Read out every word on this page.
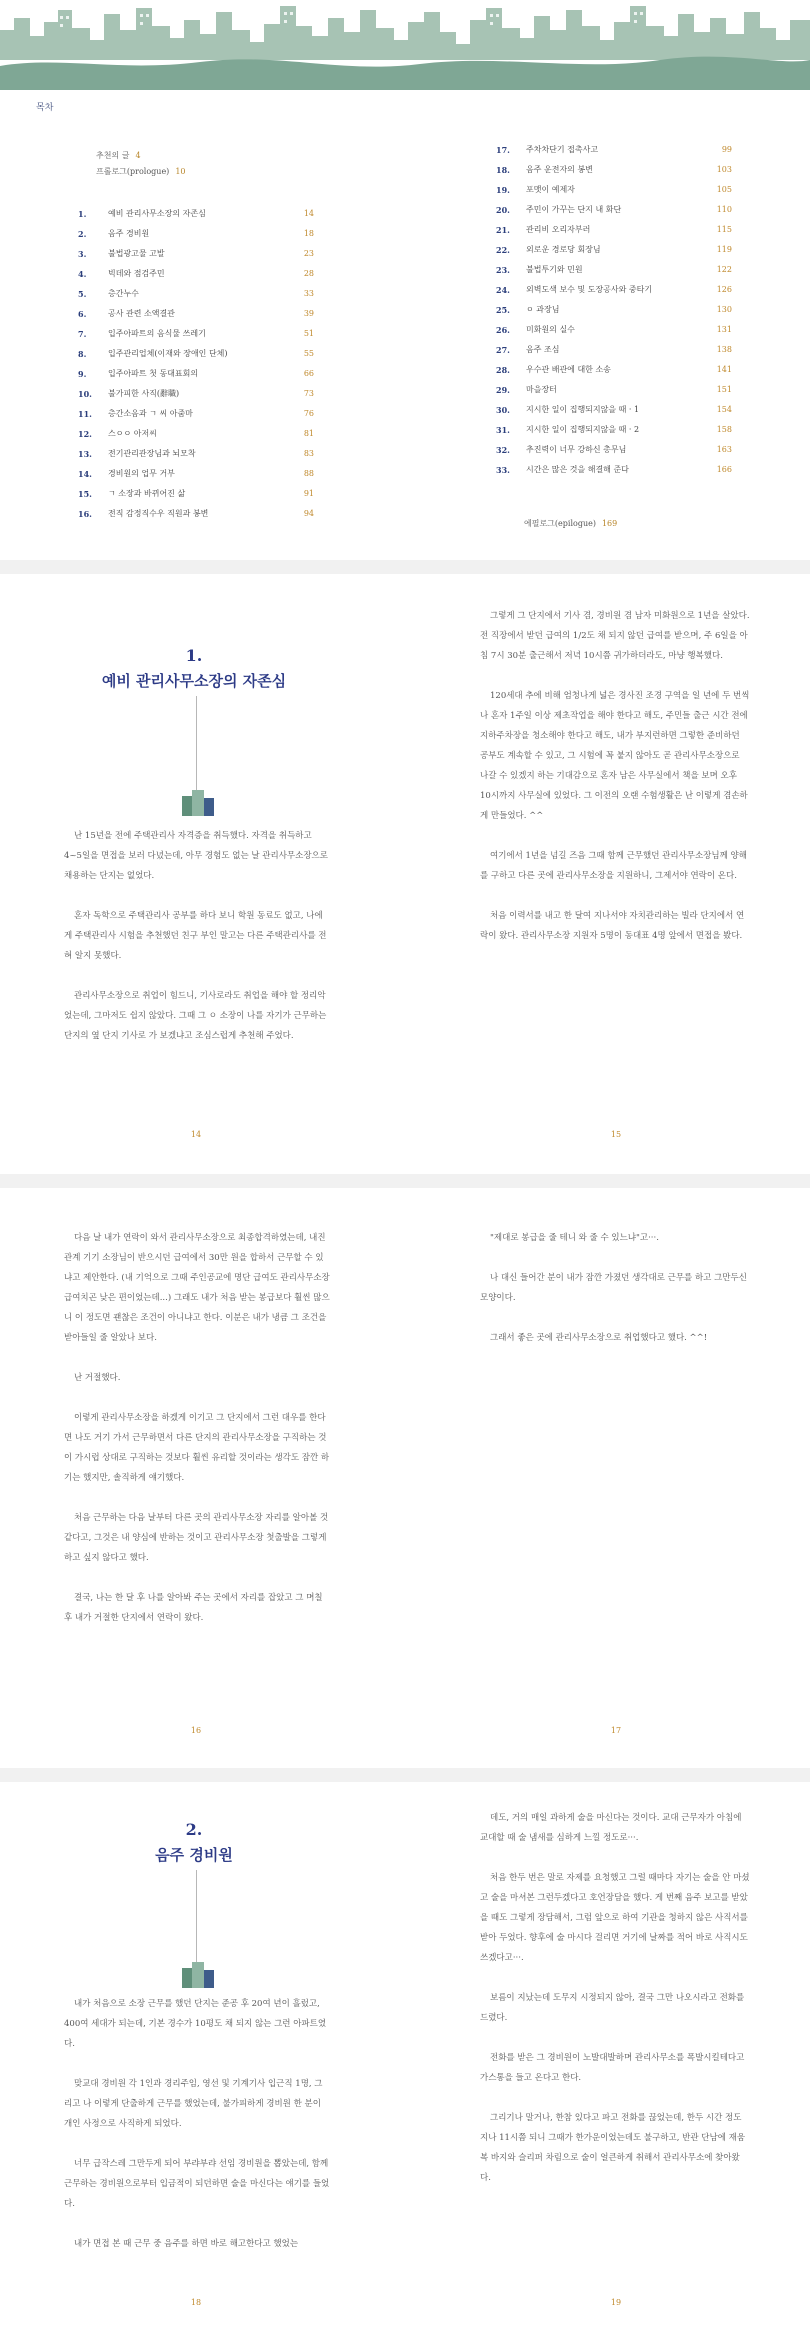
목차
추천의 글 4
프롤로그(prologue) 10
1.	예비 관리사무소장의 자존심	14
2.	음주 경비원	18
3.	불법광고물 고발	23
4.	빅데와 점검주민	28
5.	층간누수	33
6.	공사 관련 소액결관	39
7.	입주아파트의 음식물 쓰레기	51
8.	입주관리업체(이재와 장애인 단체)	55
9.	입주아파트 첫 동대표회의	66
10.	불가피한 사직(辭職)	73
11.	층간소음과 ㄱ 씨 아줌마	76
12.	스ㅇㅇ 아저씨	81
13.	전기관리관장님과 뇌모착	83
14.	경비원의 업무 거부	88
15.	ㄱ 소장과 바뀌어진 삶	91
16.	전직 감정직수우 직원과 봉변	94
17.	주차차단기 접촉사고	99
18.	음주 운전자의 봉변	103
19.	포맷이 예제자	105
20.	주민이 가꾸는 단지 내 화단	110
21.	관리비 오리자부러	115
22.	외로운 경로당 회장님	119
23.	불법투기와 민원	122
24.	외벽도색 보수 및 도장공사와 중타기	126
25.	ㅇ 과장님	130
26.	미화원의 실수	131
27.	음주 조심	138
28.	우수관 배관에 대한 소송	141
29.	마을장터	151
30.	지시한 일이 집행되지않을 때 · 1	154
31.	지시한 일이 집행되지않을 때 · 2	158
32.	추진력이 너무 강하신 총무님	163
33.	시간은 많은 것을 해결해 준다	166
에필로그(epilogue) 169
1.
예비 관리사무소장의 자존심

난 15년을 전에 주택관리사 자격증을 취득했다. 자격을 취득하고 4~5일을 면접을 보러 다녔는데, 아무 경험도 없는 날 관리사무소장으로 채용하는 단지는 없었다.

혼자 독학으로 주택관리사 공부를 하다 보니 학원 동료도 없고, 나에게 주택관리사 시험을 추천했던 친구 부인 말고는 다른 주택관리사를 전혀 알지 못했다.

관리사무소장으로 취업이 힘드니, 기사로라도 취업을 해야 할 정리악었는데, 그마저도 쉽지 않았다. 그때 그 ㅇ 소장이 나를 자기가 근무하는 단지의 옆 단지 기사로 가 보겠냐고 조심스럽게 추천해 주었다.

그렇게 그 단지에서 기사 겸, 경비원 겸 남자 미화원으로 1년을 살았다. 전 직장에서 받던 급여의 1/2도 채 되지 않던 급여를 받으며, 주 6일을 아침 7시 30분 출근해서 저녁 10시쯤 귀가하더라도, 마냥 행복했다.

120세대 추에 비해 엄청나게 넓은 경사진 조경 구역을 일 년에 두 번씩 나 혼자 1주일 이상 제초작업을 해야 한다고 해도, 주민들 출근 시간 전에 지하주차장을 청소해야 한다고 해도, 내가 부지런하면 그렇한 준비하던 공부도 계속할 수 있고, 그 시험에 꼭 붙지 않아도 곧 관리사무소장으로 나갈 수 있겠지 하는 기대감으로 혼자 남은 사무실에서 책을 보며 오후 10시까지 사무실에 있었다. 그 이전의 오랜 수험생활은 난 이렇게 겸손하게 만들었다. ^^

여기에서 1년을 넘길 즈음 그때 함께 근무했던 관리사무소장님께 양해를 구하고 다른 곳에 관리사무소장을 지원하니, 그제서야 연락이 온다.

처음 이력서를 내고 한 달여 지나서야 자치관리하는 빌라 단지에서 연락이 왔다. 관리사무소장 지원자 5명이 동대표 4명 앞에서 면접을 봤다.

14	15

다음 날 내가 연락이 와서 관리사무소장으로 최종합격하였는데, 내진 관계 기기 소장님이 반으시던 급여에서 30만 원을 합하서 근무할 수 있냐고 제안한다. (내 기억으로 그때 주인공교에 명단 급여도 관리사무소장 급여치곤 낮은 편이었는데...) 그래도 내가 처음 받는 봉급보다 훨씬 많으니 이 정도면 괜찮은 조건이 아니냐고 한다. 이분은 내가 냉큼 그 조건을 받아들일 줄 알았나 보다.

난 거절했다.

이렇게 관리사무소장을 하겠게 이기고 그 단지에서 그런 대우를 한다면 나도 거기 가서 근무하면서 다른 단지의 관리사무소장을 구직하는 것이 가시럽 상대로 구직하는 것보다 훨씬 유리할 것이라는 생각도 잠깐 하기는 했지만, 솔직하게 얘기했다.

처음 근무하는 다음 날부터 다른 곳의 관리사무소장 자리를 알아볼 것 같다고, 그것은 내 양심에 반하는 것이고 관리사무소장 첫출발을 그렇게 하고 싶지 않다고 했다.

결국, 나는 한 달 후 나를 알아봐 주는 곳에서 자리를 잡았고 그 며칠 후 내가 거절한 단지에서 연락이 왔다.

"제대로 봉급을 줄 테니 와 줄 수 있느냐"고···.

나 대신 들어간 분이 내가 잠깐 가졌던 생각대로 근무를 하고 그만두신 모양이다.

그래서 좋은 곳에 관리사무소장으로 취업했다고 했다. ^^!

16	17
2.
음주 경비원

내가 처음으로 소장 근무를 했던 단지는 준공 후 20여 년이 흘렀고, 400여 세대가 되는데, 기본 경수가 10평도 채 되지 않는 그런 아파트였다.

맞교대 경비원 각 1인과 경리주임, 영선 및 기계기사 입근직 1명, 그리고 나 이렇게 단출하게 근무를 했었는데, 불가피하게 경비원 한 분이 개인 사정으로 사직하게 되었다.

너무 급작스레 그만두게 되어 부랴부랴 선임 경비원을 뽑았는데, 함께 근무하는 경비원으로부터 입금적이 되던하면 술을 마신다는 얘기를 들었다.

내가 면접 본 때 근무 중 음주를 하면 바로 해고한다고 했었는

데도, 거의 매일 과하게 술을 마신다는 것이다. 교대 근무자가 아침에 교대할 때 술 냄새를 심하게 느낄 정도로···.

처음 한두 번은 말로 자제를 요청했고 그럴 때마다 자기는 술을 안 마셨고 술을 마셔본 그런두겠다고 호언장담을 했다. 게 번째 음주 보고를 받았을 때도 그렇게 장담해서, 그럼 앞으로 하여 기관을 청하지 않은 사직서를 받아 두었다. 향후에 술 마시다 걸리면 거기에 날짜를 적어 바로 사직시도 쓰겠다고···.

보름이 지났는데 도무지 시정되지 않아, 결국 그만 나오시라고 전화를 드렸다.

전화를 받은 그 경비원이 노발대발하며 관리사무소를 폭발시킬테다고 가스통을 들고 온다고 한다.

그리기나 말거나, 한참 있다고 파고 전화를 끊었는데, 한두 시간 정도 지나 11시쯤 되니 그때가 한가운이었는데도 불구하고, 반관 단남에 재움복 바지와 슬리퍼 차림으로 술이 얼큰하게 취해서 관리사무소에 찾아왔다.

18	19
